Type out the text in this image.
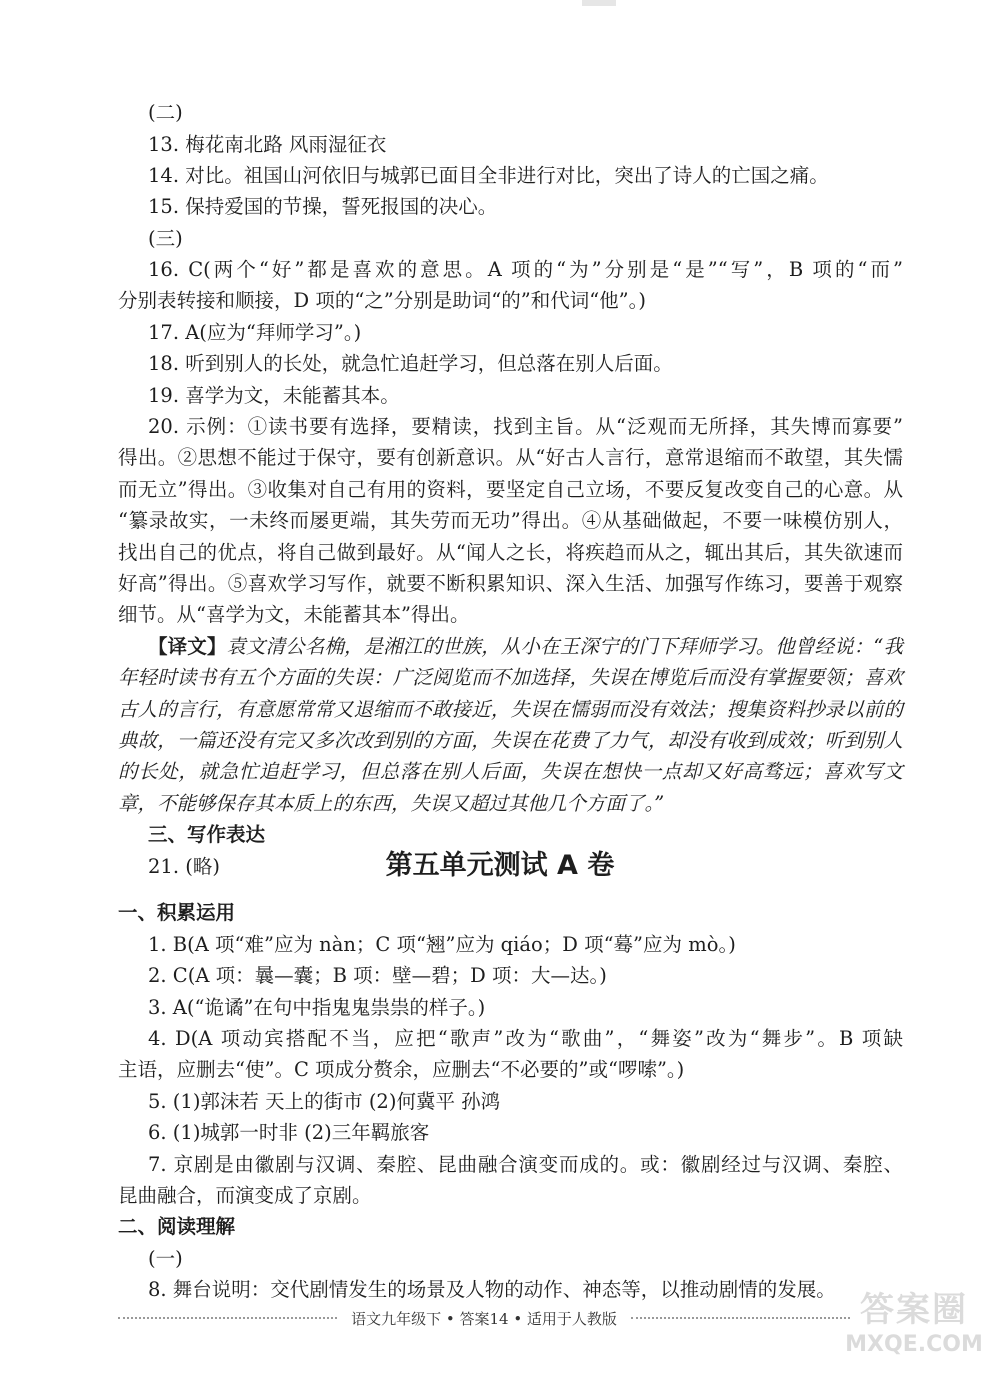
(二)
13. 梅花南北路 风雨湿征衣
14. 对比。祖国山河依旧与城郭已面目全非进行对比，突出了诗人的亡国之痛。
15. 保持爱国的节操，誓死报国的决心。
(三)
16. C(两个“好”都是喜欢的意思。A 项的“为”分别是“是”“写”，B 项的“而”
分别表转接和顺接，D 项的“之”分别是助词“的”和代词“他”。)
17. A(应为“拜师学习”。)
18. 听到别人的长处，就急忙追赶学习，但总落在别人后面。
19. 喜学为文，未能蓄其本。
20. 示例：①读书要有选择，要精读，找到主旨。从“泛观而无所择，其失博而寡要”
得出。②思想不能过于保守，要有创新意识。从“好古人言行，意常退缩而不敢望，其失懦
而无立”得出。③收集对自己有用的资料，要坚定自己立场，不要反复改变自己的心意。从
“纂录故实，一未终而屡更端，其失劳而无功”得出。④从基础做起，不要一味模仿别人，
找出自己的优点，将自己做到最好。从“闻人之长，将疾趋而从之，辄出其后，其失欲速而
好高”得出。⑤喜欢学习写作，就要不断积累知识、深入生活、加强写作练习，要善于观察
细节。从“喜学为文，未能蓄其本”得出。
【译文】袁文清公名桷，是湘江的世族，从小在王深宁的门下拜师学习。他曾经说：“我
年轻时读书有五个方面的失误：广泛阅览而不加选择，失误在博览后而没有掌握要领；喜欢
古人的言行，有意愿常常又退缩而不敢接近，失误在懦弱而没有效法；搜集资料抄录以前的
典故，一篇还没有完又多次改到别的方面，失误在花费了力气，却没有收到成效；听到别人
的长处，就急忙追赶学习，但总落在别人后面，失误在想快一点却又好高骛远；喜欢写文
章，不能够保存其本质上的东西，失误又超过其他几个方面了。”
三、写作表达
21. (略)	第五单元测试 A 卷
一、积累运用
1. B(A 项“难”应为 nàn；C 项“翘”应为 qiáo；D 项“蓦”应为 mò。)
2. C(A 项：曩—囊；B 项：壁—碧；D 项：大—达。)
3. A(“诡谲”在句中指鬼鬼祟祟的样子。)
4. D(A 项动宾搭配不当，应把“歌声”改为“歌曲”，“舞姿”改为“舞步”。B 项缺
主语，应删去“使”。C 项成分赘余，应删去“不必要的”或“啰嗦”。)
5. (1)郭沫若 天上的街市 (2)何冀平 孙鸿
6. (1)城郭一时非 (2)三年羁旅客
7. 京剧是由徽剧与汉调、秦腔、昆曲融合演变而成的。或：徽剧经过与汉调、秦腔、
昆曲融合，而演变成了京剧。
二、阅读理解
(一)
8. 舞台说明：交代剧情发生的场景及人物的动作、神态等，以推动剧情的发展。
语文九年级下 • 答案14 • 适用于人教版	答案圈
MXQE.COM
